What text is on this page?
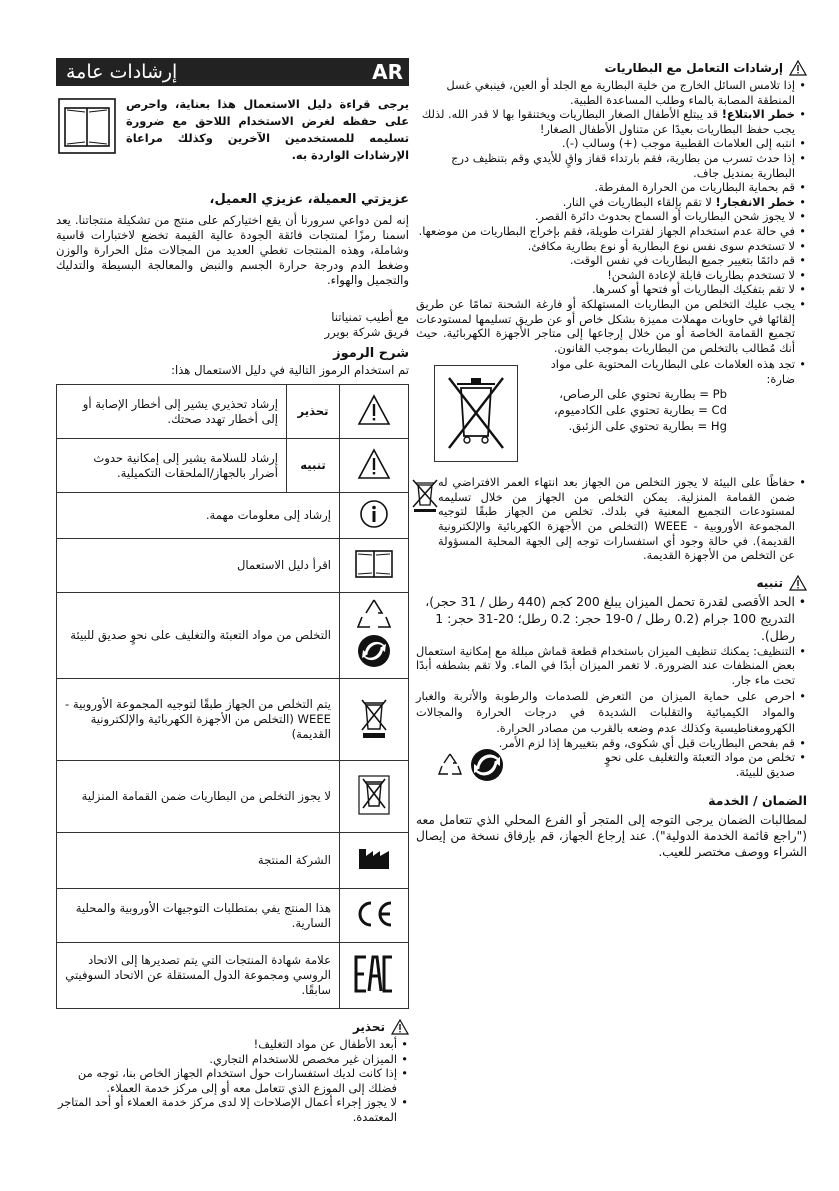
AR
إرشادات عامة

يرجى قراءة دليل الاستعمال هذا بعناية، واحرص على حفظه لغرض الاستخدام اللاحق مع ضرورة تسليمه للمستخدمين الآخرين وكذلك مراعاة الإرشادات الواردة به.

عزيزتي العميلة، عزيزي العميل،

إنه لمن دواعي سرورنا أن يقع اختياركم على منتج من تشكيلة منتجاتنا. يعد اسمنا رمزًا لمنتجات فائقة الجودة عالية القيمة تخضع لاختبارات قاسية وشاملة، وهذه المنتجات تغطي العديد من المجالات مثل الحرارة والوزن وضغط الدم ودرجة حرارة الجسم والنبض والمعالجة البسيطة والتدليك والتجميل والهواء.

مع أطيب تمنياتنا

فريق شركة بويرر

شرح الرموز

تم استخدام الرموز التالية في دليل الاستعمال هذا:

	تحذير	إرشاد تحذيري يشير إلى أخطار الإصابة أو إلى أخطار تهدد صحتك.
	تنبيه	إرشاد للسلامة يشير إلى إمكانية حدوث أضرار بالجهاز/الملحقات التكميلية.
	إرشاد إلى معلومات مهمة.	
	اقرأ دليل الاستعمال	
	التخلص من مواد التعبئة والتغليف على نحوٍ صديق للبيئة	
	يتم التخلص من الجهاز طبقًا لتوجيه المجموعة الأوروبية - WEEE (التخلص من الأجهزة الكهربائية والإلكترونية القديمة)	
	لا يجوز التخلص من البطاريات ضمن القمامة المنزلية	
	الشركة المنتجة	
	هذا المنتج يفي بمتطلبات التوجيهات الأوروبية والمحلية السارية.	
	علامة شهادة المنتجات التي يتم تصديرها إلى الاتحاد الروسي ومجموعة الدول المستقلة عن الاتحاد السوفيتي سابقًا.	
تحذير
• أبعد الأطفال عن مواد التغليف!
• الميزان غير مخصص للاستخدام التجاري.
• إذا كانت لديك استفسارات حول استخدام الجهاز الخاص بنا، توجه من فضلك إلى الموزع الذي تتعامل معه أو إلى مركز خدمة العملاء.
• لا يجوز إجراء أعمال الإصلاحات إلا لدى مركز خدمة العملاء أو أحد المتاجر المعتمدة.
إرشادات التعامل مع البطاريات
• إذا تلامس السائل الخارج من خلية البطارية مع الجلد أو العين، فينبغي غسل المنطقة المصابة بالماء وطلب المساعدة الطبية.
• خطر الابتلاع! قد يبتلع الأطفال الصغار البطاريات ويختنقوا بها لا قدر الله. لذلك يجب حفظ البطاريات بعيدًا عن متناول الأطفال الصغار!
• انتبه إلى العلامات القطبية موجب (+) وسالب (-).
• إذا حدث تسرب من بطارية، فقم بارتداء قفاز واقٍ للأيدي وقم بتنظيف درج البطارية بمنديل جاف.
• قم بحماية البطاريات من الحرارة المفرطة.
• خطر الانفجار! لا تقم بإلقاء البطاريات في النار.
• لا يجوز شحن البطاريات أو السماح بحدوث دائرة القصر.
• في حالة عدم استخدام الجهاز لفترات طويلة، فقم بإخراج البطاريات من موضعها.
• لا تستخدم سوى نفس نوع البطارية أو نوع بطارية مكافئ.
• قم دائمًا بتغيير جميع البطاريات في نفس الوقت.
• لا تستخدم بطاريات قابلة لإعادة الشحن!
• لا تقم بتفكيك البطاريات أو فتحها أو كسرها.
• يجب عليك التخلص من البطاريات المستهلكة أو فارغة الشحنة تمامًا عن طريق إلقائها في حاويات مهملات مميزة بشكل خاص أو عن طريق تسليمها لمستودعات تجميع القمامة الخاصة أو من خلال إرجاعها إلى متاجر الأجهزة الكهربائية. حيث أنك مُطالب بالتخلص من البطاريات بموجب القانون.
• تجد هذه العلامات على البطاريات المحتوية على مواد ضارة:
Pb = بطارية تحتوي على الرصاص،
Cd = بطارية تحتوي على الكادميوم،
Hg = بطارية تحتوي على الزئبق.
• حفاظًا على البيئة لا يجوز التخلص من الجهاز بعد انتهاء العمر الافتراضي له ضمن القمامة المنزلية. يمكن التخلص من الجهاز من خلال تسليمه لمستودعات التجميع المعنية في بلدك. تخلص من الجهاز طبقًا لتوجيه المجموعة الأوروبية - WEEE (التخلص من الأجهزة الكهربائية والإلكترونية القديمة). في حالة وجود أي استفسارات توجه إلى الجهة المحلية المسؤولة عن التخلص من الأجهزة القديمة.
تنبيه
• الحد الأقصى لقدرة تحمل الميزان يبلغ 200 كجم (440 رطل / 31 حجر)، التدريج 100 جرام (0.2 رطل / 0-19 حجر: 0.2 رطل؛ 20-31 حجر: 1 رطل).
• التنظيف: يمكنك تنظيف الميزان باستخدام قطعة قماش مبللة مع إمكانية استعمال بعض المنظفات عند الضرورة. لا تغمر الميزان أبدًا في الماء. ولا تقم بشطفه أبدًا تحت ماء جار.
• احرص على حماية الميزان من التعرض للصدمات والرطوبة والأتربة والغبار والمواد الكيميائية والتقلبات الشديدة في درجات الحرارة والمجالات الكهرومغناطيسية وكذلك عدم وضعه بالقرب من مصادر الحرارة.
• قم بفحص البطاريات قبل أي شكوى، وقم بتغييرها إذا لزم الأمر.
• تخلص من مواد التعبئة والتغليف على نحوٍ صديق للبيئة.
الضمان / الخدمة

لمطالبات الضمان يرجى التوجه إلى المتجر أو الفرع المحلي الذي تتعامل معه ("راجع قائمة الخدمة الدولية"). عند إرجاع الجهاز، قم بإرفاق نسخة من إيصال الشراء ووصف مختصر للعيب.
